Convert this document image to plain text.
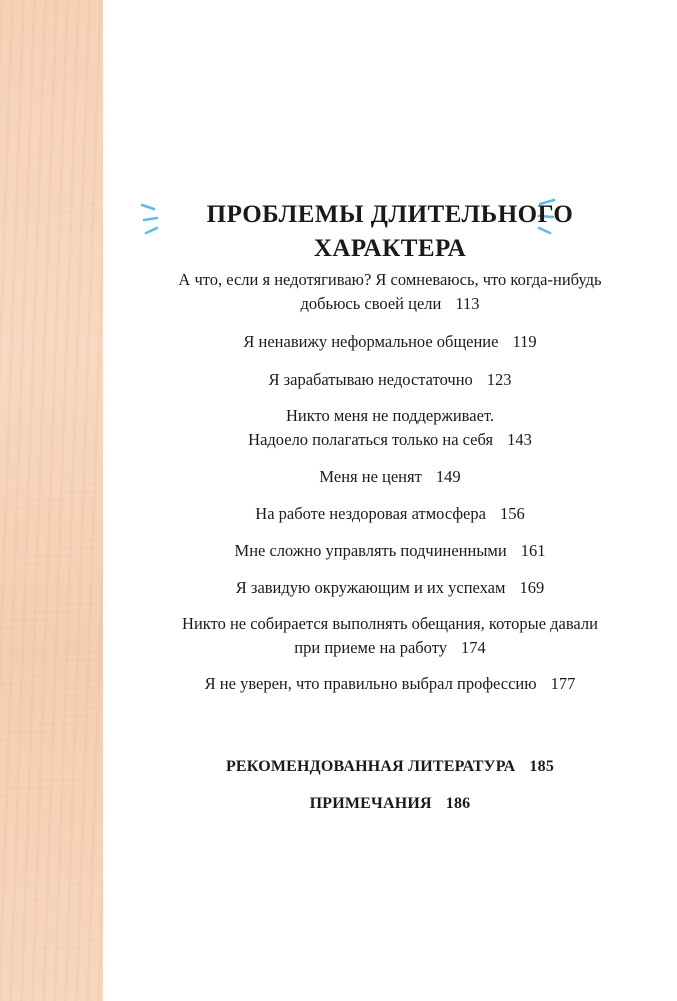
ПРОБЛЕМЫ ДЛИТЕЛЬНОГО
ХАРАКТЕРА
А что, если я недотягиваю? Я сомневаюсь, что когда-нибудь
добьюсь своей цели 113
Я ненавижу неформальное общение 119
Я зарабатываю недостаточно 123
Никто меня не поддерживает.
Надоело полагаться только на себя 143
Меня не ценят 149
На работе нездоровая атмосфера 156
Мне сложно управлять подчиненными 161
Я завидую окружающим и их успехам 169
Никто не собирается выполнять обещания, которые давали
при приеме на работу 174
Я не уверен, что правильно выбрал профессию 177
РЕКОМЕНДОВАННАЯ ЛИТЕРАТУРА 185
ПРИМЕЧАНИЯ 186
